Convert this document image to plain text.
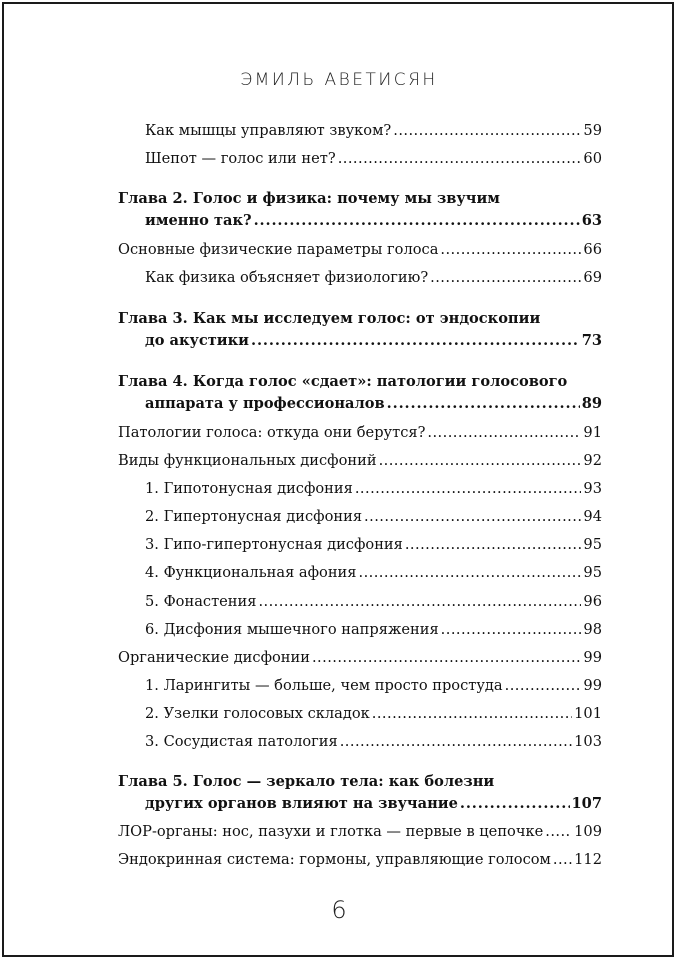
ЭМИЛЬ АВЕТИСЯН
Как мышцы управляют звуком? . . .	59
Шепот — голос или нет? . . .	60
Глава 2. Голос и физика: почему мы звучим
именно так? . . .	63
Основные физические параметры голоса . . .	66
Как физика объясняет физиологию? . . .	69
Глава 3. Как мы исследуем голос: от эндоскопии
до акустики . . .	73
Глава 4. Когда голос «сдает»: патологии голосового
аппарата у профессионалов . . .	89
Патологии голоса: откуда они берутся? . . .	91
Виды функциональных дисфоний . . .	92
1. Гипотонусная дисфония . . .	93
2. Гипертонусная дисфония . . .	94
3. Гипо-гипертонусная дисфония . . .	95
4. Функциональная афония . . .	95
5. Фонастения . . .	96
6. Дисфония мышечного напряжения . . .	98
Органические дисфонии . . .	99
1. Ларингиты — больше, чем просто простуда . . .	99
2. Узелки голосовых складок . . .	101
3. Сосудистая патология . . .	103
Глава 5. Голос — зеркало тела: как болезни
других органов влияют на звучание . . .	107
ЛОР-органы: нос, пазухи и глотка — первые в цепочке . . . 109
Эндокринная система: гормоны, управляющие голосом . . . 112
6
